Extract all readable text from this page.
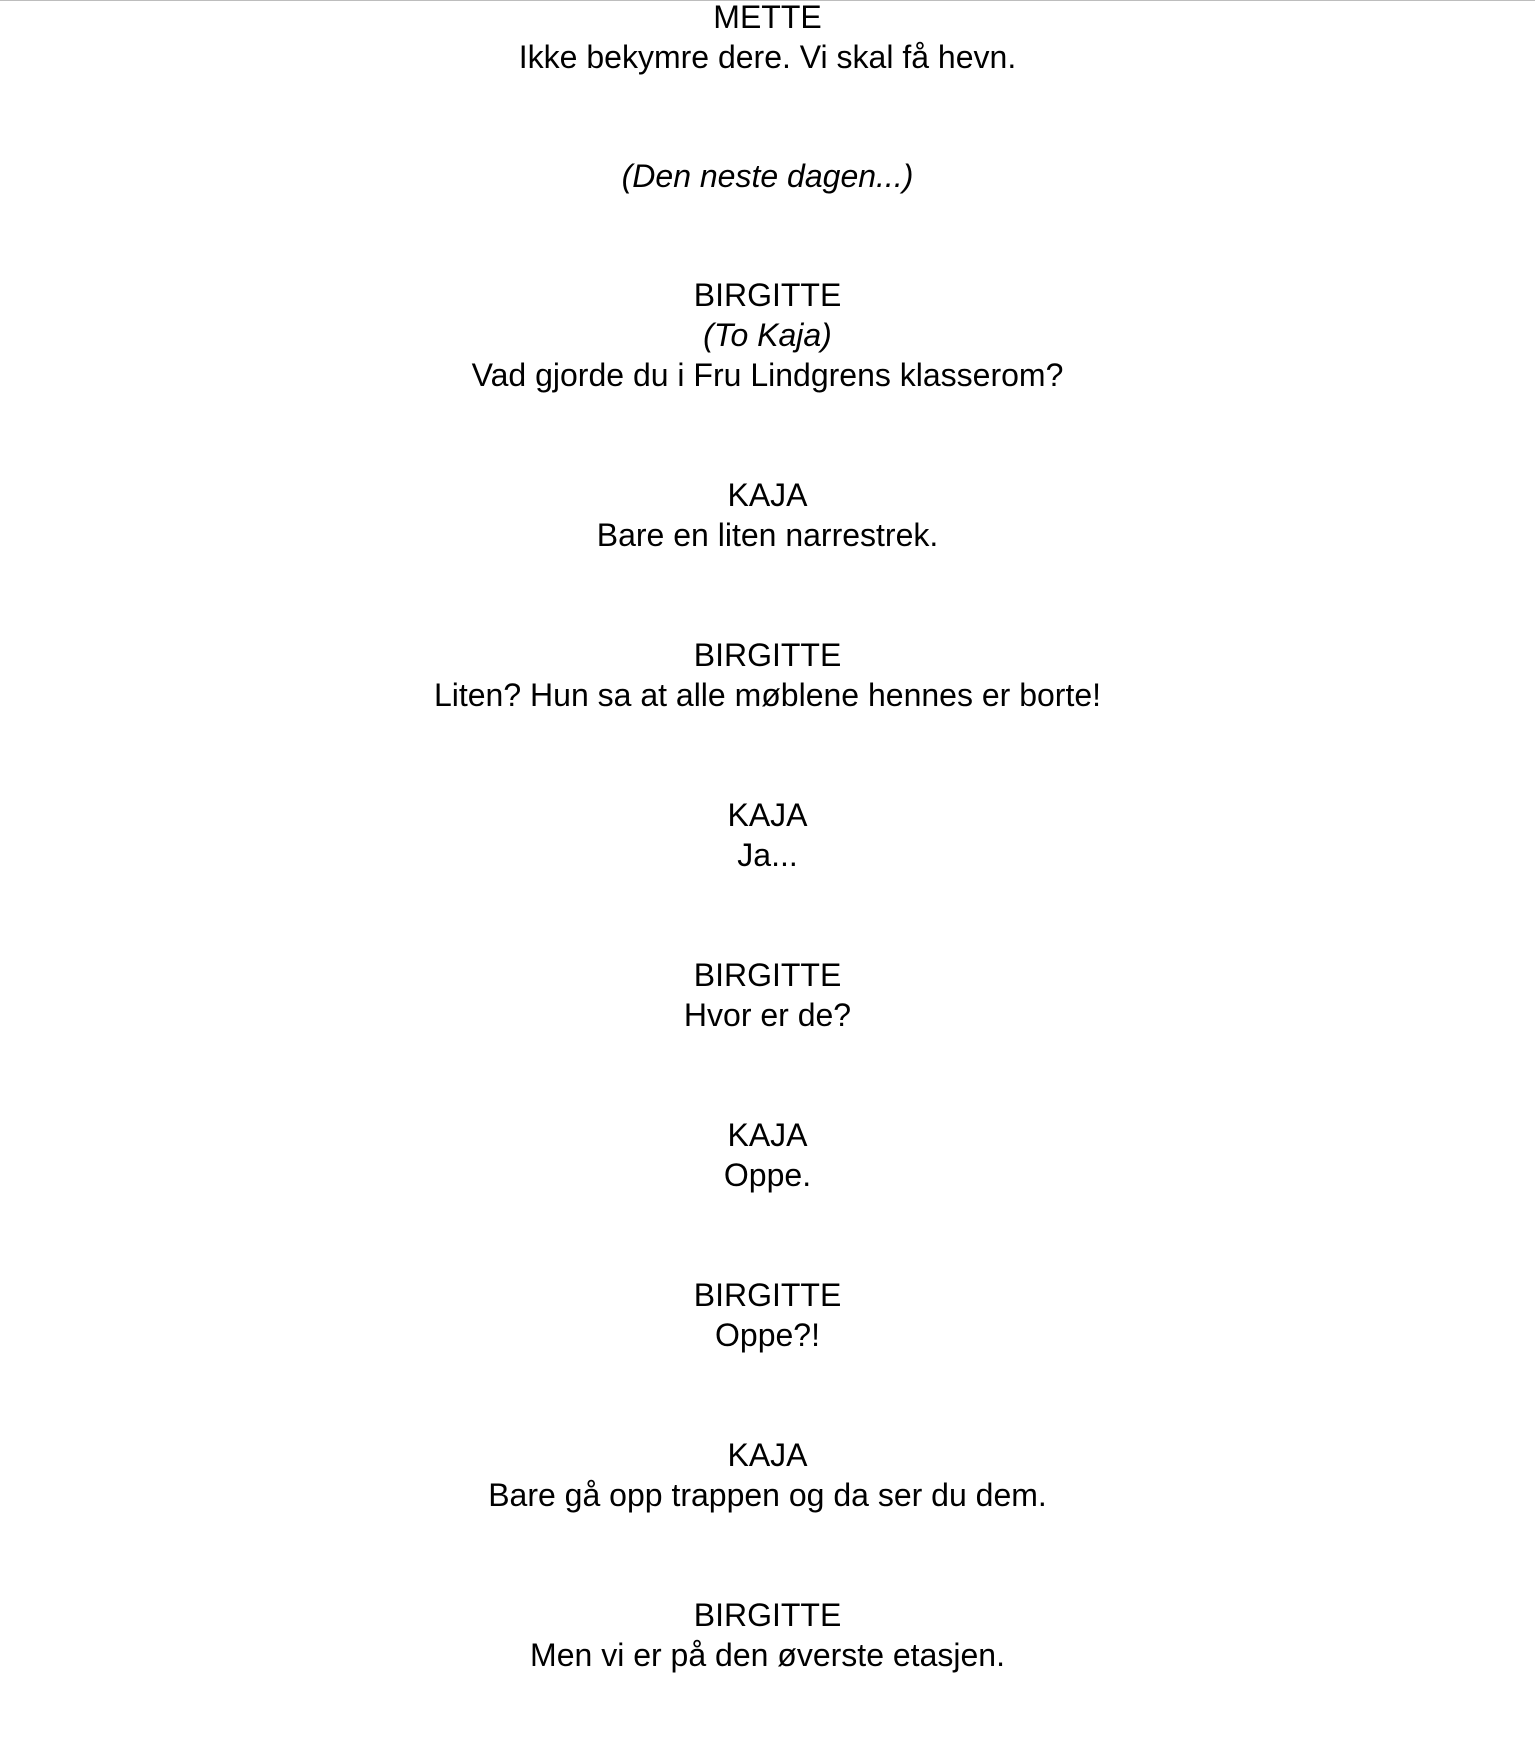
METTE
Ikke bekymre dere. Vi skal få hevn.
(Den neste dagen...)
BIRGITTE
(To Kaja)
Vad gjorde du i Fru Lindgrens klasserom?
KAJA
Bare en liten narrestrek.
BIRGITTE
Liten? Hun sa at alle møblene hennes er borte!
KAJA
Ja...
BIRGITTE
Hvor er de?
KAJA
Oppe.
BIRGITTE
Oppe?!
KAJA
Bare gå opp trappen og da ser du dem.
BIRGITTE
Men vi er på den øverste etasjen.
